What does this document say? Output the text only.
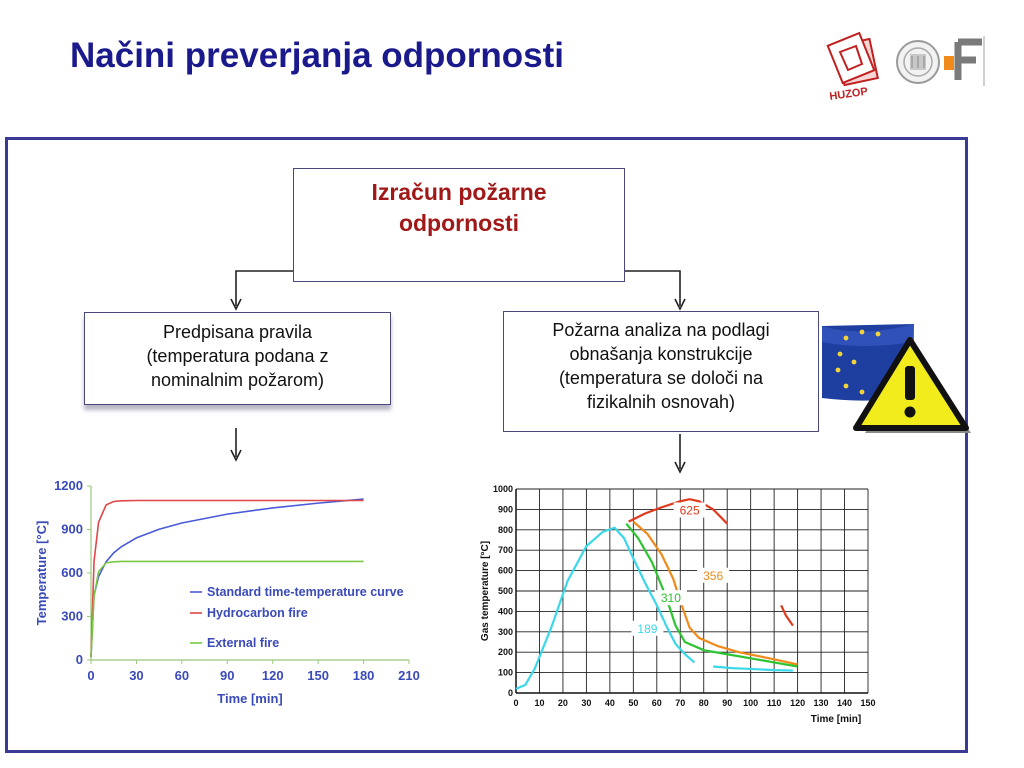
Načini preverjanja odpornosti
HUZOP
Izračun požarne
odpornosti
Predpisana pravila
(temperatura podana z
nominalnim požarom)
Požarna analiza na podlagi
obnašanja konstrukcije
(temperatura se določi na
fizikalnih osnovah)
0	30 60 90 120 150 180 210
0
300
600
900
1200
Time [min]
Temperature [°C]	Standard time-temperature curve
Hydrocarbon fire
External fire
0 10 20 30 40 50 60 70 80 90 100 110 120 130 140 150
0
100
200
300
400
500
600
700
800
900
1000
Time [min]
Gas temperature [°C]
625
356
310
189
